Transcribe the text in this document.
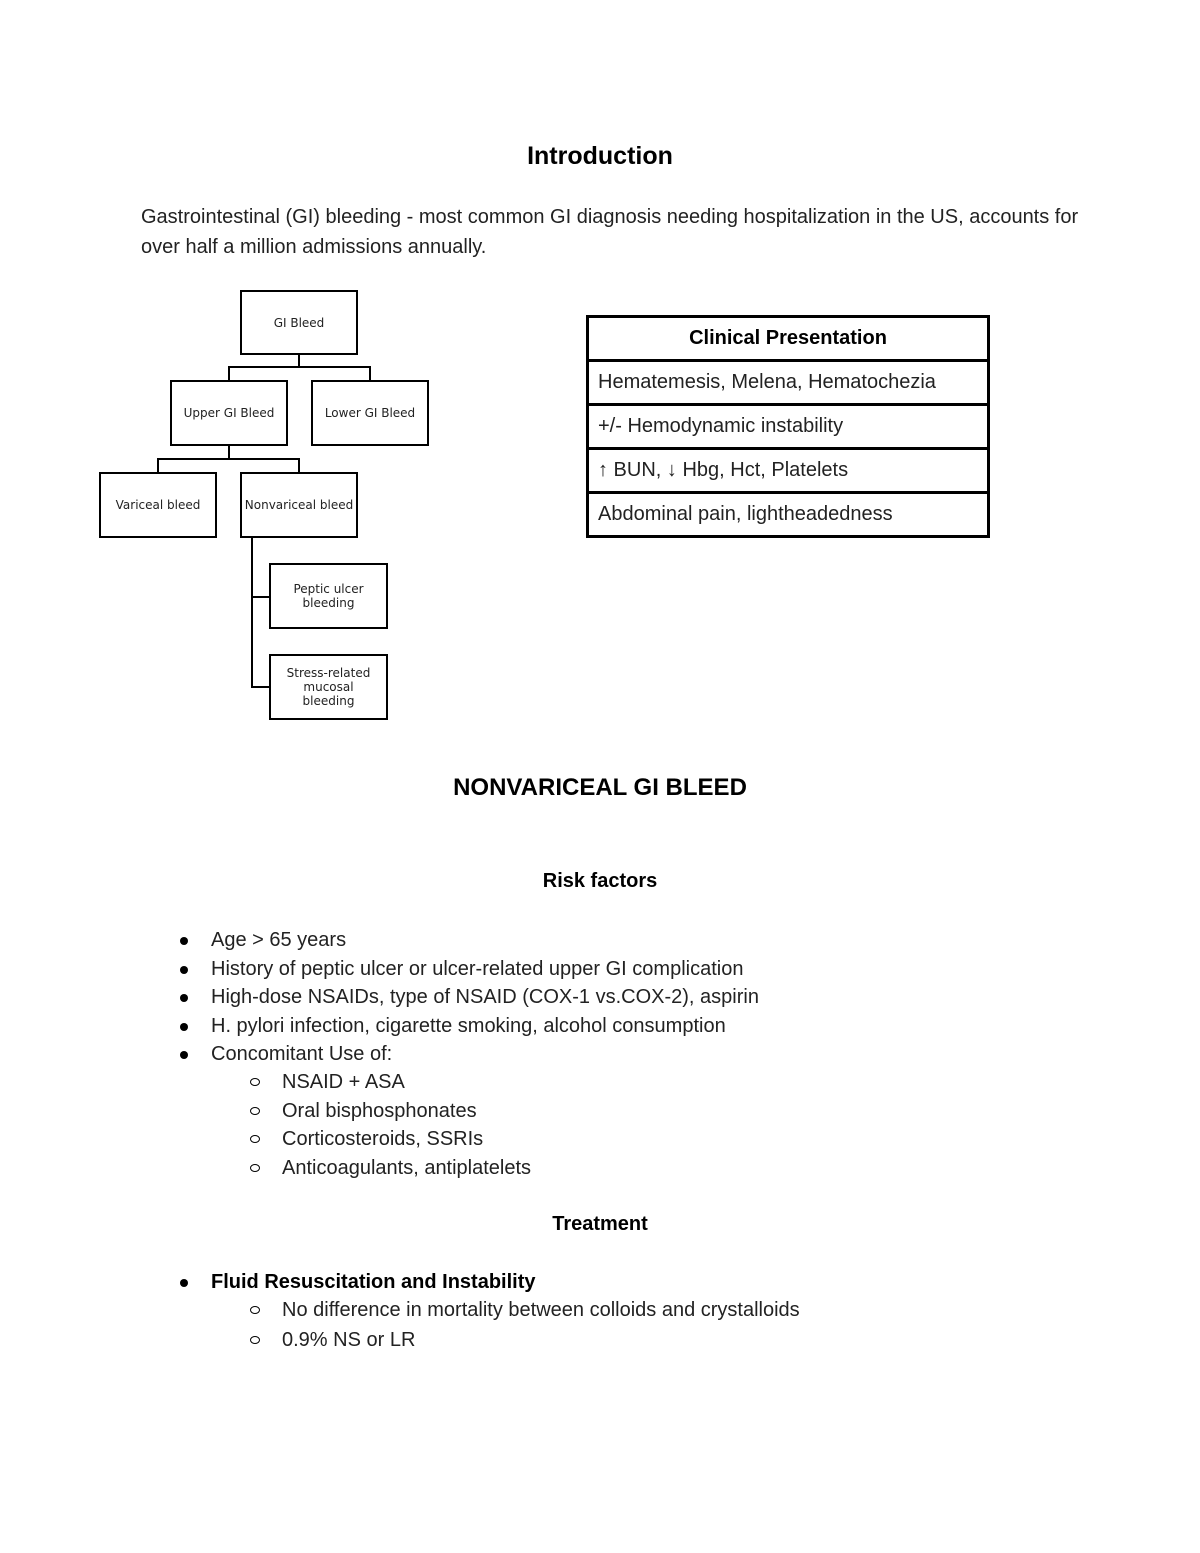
Introduction
Gastrointestinal (GI) bleeding - most common GI diagnosis needing hospitalization in the US, accounts for over half a million admissions annually.
GI Bleed
Upper GI Bleed	Lower GI Bleed
Variceal bleed	Nonvariceal bleed
Peptic ulcer bleeding
Stress-related mucosal bleeding
Clinical Presentation
Hematemesis, Melena, Hematochezia
+/- Hemodynamic instability
↑ BUN, ↓ Hbg, Hct, Platelets
Abdominal pain, lightheadedness
NONVARICEAL GI BLEED
Risk factors
Age > 65 years
History of peptic ulcer or ulcer-related upper GI complication
High-dose NSAIDs, type of NSAID (COX-1 vs.COX-2), aspirin
H. pylori infection, cigarette smoking, alcohol consumption
Concomitant Use of:
NSAID + ASA
Oral bisphosphonates
Corticosteroids, SSRIs
Anticoagulants, antiplatelets
Treatment
Fluid Resuscitation and Instability
No difference in mortality between colloids and crystalloids
0.9% NS or LR
